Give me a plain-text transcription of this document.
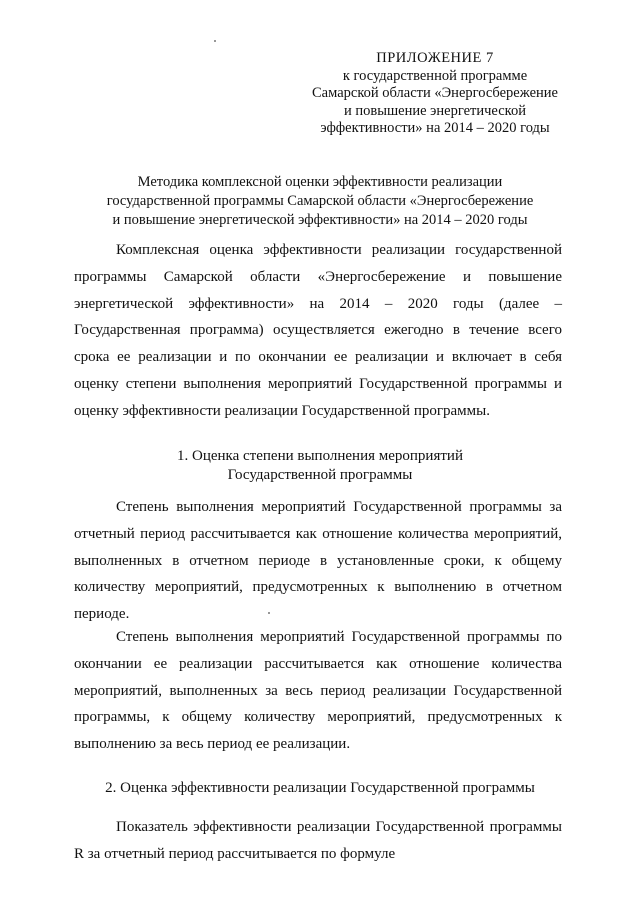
ПРИЛОЖЕНИЕ 7
к государственной программе
Самарской области «Энергосбережение
и повышение энергетической
эффективности» на 2014 – 2020 годы
Методика комплексной оценки эффективности реализации
государственной программы Самарской области «Энергосбережение
и повышение энергетической эффективности» на 2014 – 2020 годы
Комплексная оценка эффективности реализации государственной программы Самарской области «Энергосбережение и повышение энергетической эффективности» на 2014 – 2020 годы (далее – Государственная программа) осуществляется ежегодно в течение всего срока ее реализации и по окончании ее реализации и включает в себя оценку степени выполнения мероприятий Государственной программы и оценку эффективности реализации Государственной программы.
1. Оценка степени выполнения мероприятий
Государственной программы
Степень выполнения мероприятий Государственной программы за отчетный период рассчитывается как отношение количества мероприятий, выполненных в отчетном периоде в установленные сроки, к общему количеству мероприятий, предусмотренных к выполнению в отчетном периоде.
Степень выполнения мероприятий Государственной программы по окончании ее реализации рассчитывается как отношение количества мероприятий, выполненных за весь период реализации Государственной программы, к общему количеству мероприятий, предусмотренных к выполнению за весь период ее реализации.
2. Оценка эффективности реализации Государственной программы
Показатель эффективности реализации Государственной программы R за отчетный период рассчитывается по формуле
